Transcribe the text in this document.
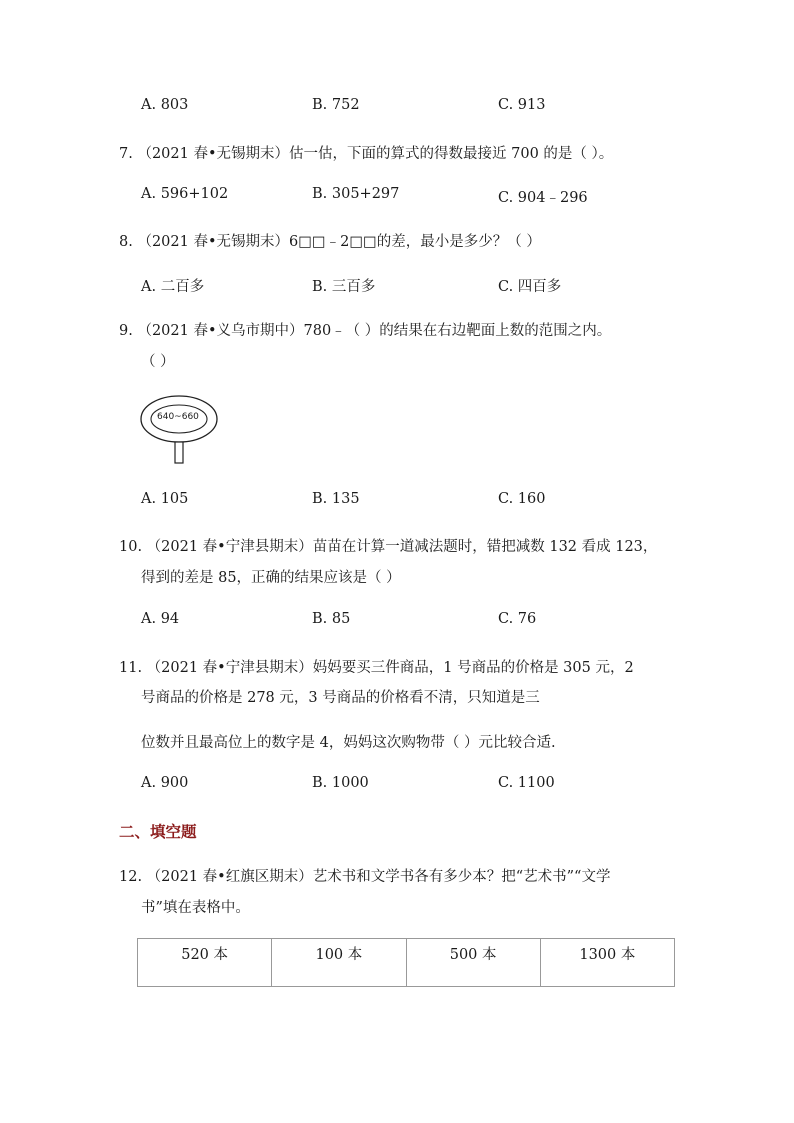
A. 803	B. 752	C. 913
7. （2021 春•无锡期末）估一估，下面的算式的得数最接近 700 的是（ ）。
A. 596+102	B. 305+297	C. 904﹣296
8. （2021 春•无锡期末）6□□﹣2□□的差，最小是多少？（ ）
A. 二百多	B. 三百多	C. 四百多
9. （2021 春•义乌市期中）780﹣（ ）的结果在右边靶面上数的范围之内。
（ ）
640~660
A. 105	B. 135	C. 160
10. （2021 春•宁津县期末）苗苗在计算一道减法题时，错把减数 132 看成 123，
得到的差是 85，正确的结果应该是（ ）
A. 94	B. 85	C. 76
11. （2021 春•宁津县期末）妈妈要买三件商品，1 号商品的价格是 305 元，2
号商品的价格是 278 元，3 号商品的价格看不清，只知道是三
位数并且最高位上的数字是 4，妈妈这次购物带（ ）元比较合适.
A. 900	B. 1000	C. 1100
二、填空题
12. （2021 春•红旗区期末）艺术书和文学书各有多少本？把“艺术书”“文学
书”填在表格中。
520 本	100 本	500 本	1300 本
